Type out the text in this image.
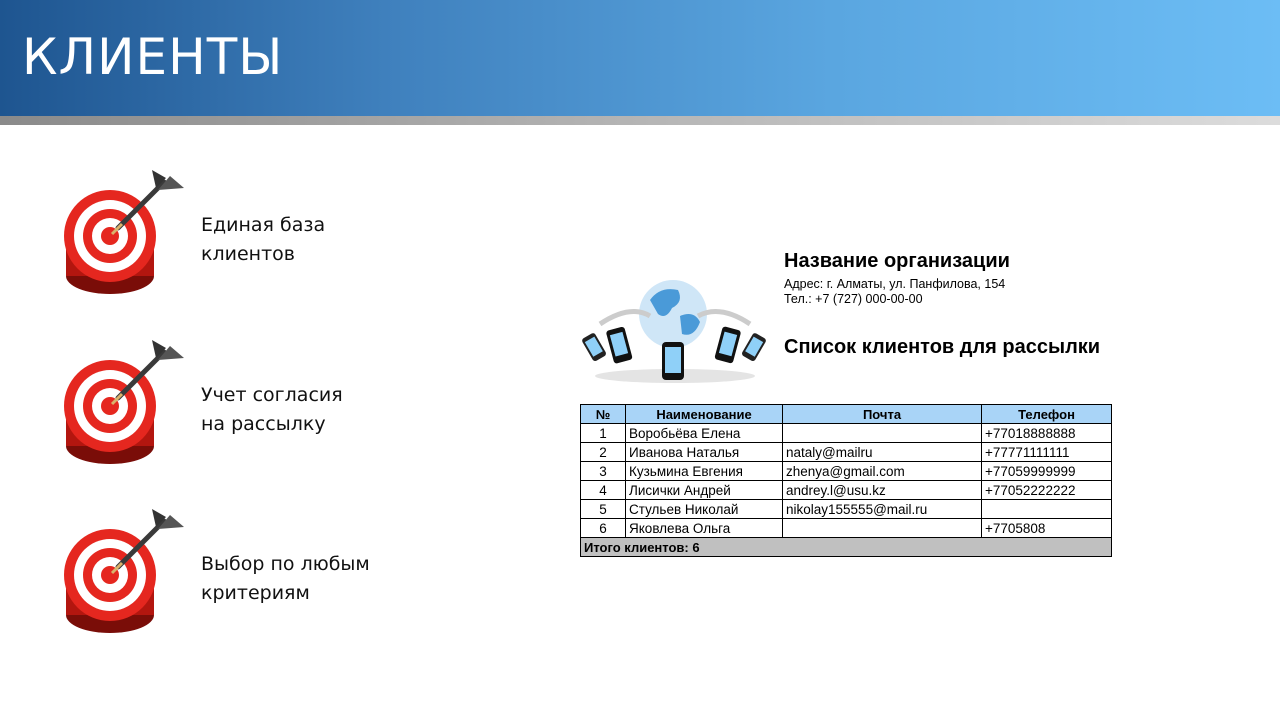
КЛИЕНТЫ
Единая база
клиентов
Учет согласия
на рассылку
Выбор по любым
критериям
Название организации
Адрес: г. Алматы, ул. Панфилова, 154
Тел.: +7 (727) 000-00-00
Список клиентов для рассылки
№	Наименование	Почта	Телефон
1	Воробьёва Елена		+77018888888
2	Иванова Наталья	nataly@mailru	+77771111111
3	Кузьмина Евгения	zhenya@gmail.com	+77059999999
4	Лисички Андрей	andrey.l@usu.kz	+77052222222
5	Стульев Николай	nikolay155555@mail.ru	
6	Яковлева Ольга		+7705808
Итого клиентов: 6			
